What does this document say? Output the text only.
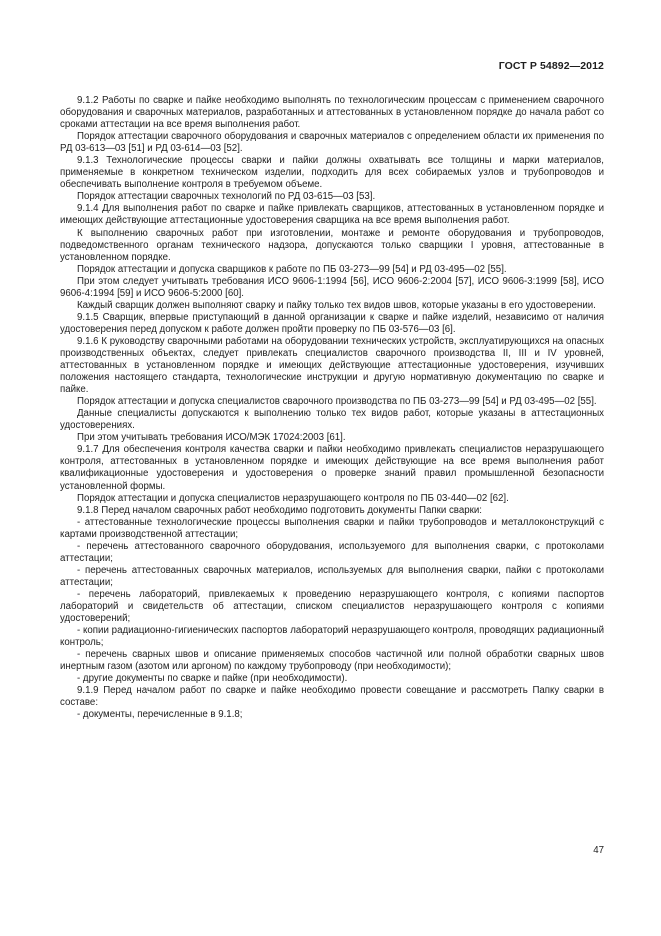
ГОСТ Р 54892—2012

9.1.2 Работы по сварке и пайке необходимо выполнять по технологическим процессам с применением сварочного оборудования и сварочных материалов, разработанных и аттестованных в установленном порядке до начала работ со сроками аттестации на все время выполнения работ.

Порядок аттестации сварочного оборудования и сварочных материалов с определением области их применения по РД 03-613—03 [51] и РД 03-614—03 [52].

9.1.3 Технологические процессы сварки и пайки должны охватывать все толщины и марки материалов, применяемые в конкретном техническом изделии, подходить для всех собираемых узлов и трубопроводов и обеспечивать выполнение контроля в требуемом объеме.

Порядок аттестации сварочных технологий по РД 03-615—03 [53].

9.1.4 Для выполнения работ по сварке и пайке привлекать сварщиков, аттестованных в установленном порядке и имеющих действующие аттестационные удостоверения сварщика на все время выполнения работ.

К выполнению сварочных работ при изготовлении, монтаже и ремонте оборудования и трубопроводов, подведомственного органам технического надзора, допускаются только сварщики I уровня, аттестованные в установленном порядке.

Порядок аттестации и допуска сварщиков к работе по ПБ 03-273—99 [54] и РД 03-495—02 [55].

При этом следует учитывать требования ИСО 9606-1:1994 [56], ИСО 9606-2:2004 [57], ИСО 9606-3:1999 [58], ИСО 9606-4:1994 [59] и ИСО 9606-5:2000 [60].

Каждый сварщик должен выполняют сварку и пайку только тех видов швов, которые указаны в его удостоверении.

9.1.5 Сварщик, впервые приступающий в данной организации к сварке и пайке изделий, независимо от наличия удостоверения перед допуском к работе должен пройти проверку по ПБ 03-576—03 [6].

9.1.6 К руководству сварочными работами на оборудовании технических устройств, эксплуатирующихся на опасных производственных объектах, следует привлекать специалистов сварочного производства II, III и IV уровней, аттестованных в установленном порядке и имеющих действующие аттестационные удостоверения, изучивших положения настоящего стандарта, технологические инструкции и другую нормативную документацию по сварке и пайке.

Порядок аттестации и допуска специалистов сварочного производства по ПБ 03-273—99 [54] и РД 03-495—02 [55].

Данные специалисты допускаются к выполнению только тех видов работ, которые указаны в аттестационных удостоверениях.

При этом учитывать требования ИСО/МЭК 17024:2003 [61].

9.1.7 Для обеспечения контроля качества сварки и пайки необходимо привлекать специалистов неразрушающего контроля, аттестованных в установленном порядке и имеющих действующие на все время выполнения работ квалификационные удостоверения и удостоверения о проверке знаний правил промышленной безопасности установленной формы.

Порядок аттестации и допуска специалистов неразрушающего контроля по ПБ 03-440—02 [62].

9.1.8 Перед началом сварочных работ необходимо подготовить документы Папки сварки:

- аттестованные технологические процессы выполнения сварки и пайки трубопроводов и металлоконструкций с картами производственной аттестации;

- перечень аттестованного сварочного оборудования, используемого для выполнения сварки, с протоколами аттестации;

- перечень аттестованных сварочных материалов, используемых для выполнения сварки, пайки с протоколами аттестации;

- перечень лабораторий, привлекаемых к проведению неразрушающего контроля, с копиями паспортов лабораторий и свидетельств об аттестации, списком специалистов неразрушающего контроля с копиями удостоверений;

- копии радиационно-гигиенических паспортов лабораторий неразрушающего контроля, проводящих радиационный контроль;

- перечень сварных швов и описание применяемых способов частичной или полной обработки сварных швов инертным газом (азотом или аргоном) по каждому трубопроводу (при необходимости);

- другие документы по сварке и пайке (при необходимости).

9.1.9 Перед началом работ по сварке и пайке необходимо провести совещание и рассмотреть Папку сварки в составе:

- документы, перечисленные в 9.1.8;

47
